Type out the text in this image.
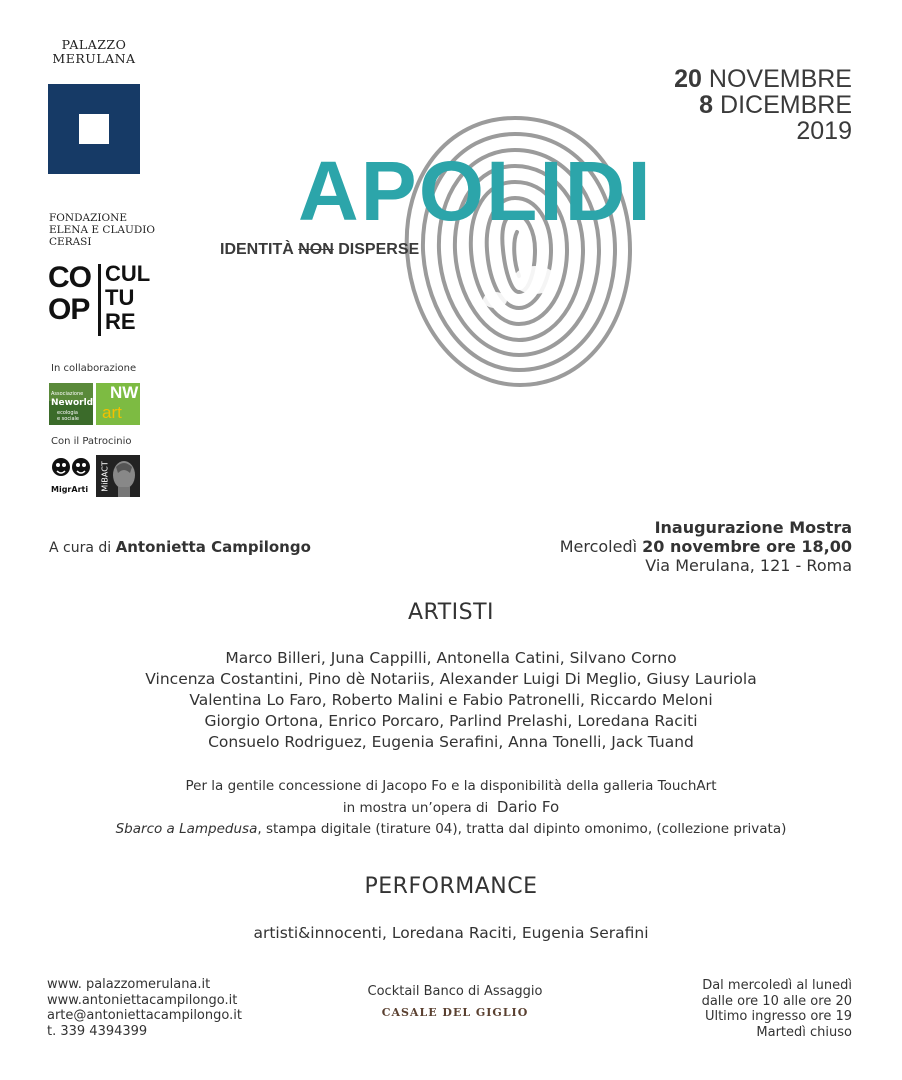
PALAZZO
MERULANA
FONDAZIONE
ELENA E CLAUDIO
CERASI
CO
OP
CUL
TU
RE
In collaborazione
Associazione
Neworld
ecologia
e sociale
NW
art
Con il Patrocinio
MigrArti MiBACT
20 NOVEMBRE
8 DICEMBRE
2019
APOLIDI
IDENTITÀ NON DISPERSE
A cura di Antonietta Campilongo
Inaugurazione Mostra
Mercoledì 20 novembre ore 18,00
Via Merulana, 121 - Roma
ARTISTI
Marco Billeri, Juna Cappilli, Antonella Catini, Silvano Corno
Vincenza Costantini, Pino dè Notariis, Alexander Luigi Di Meglio, Giusy Lauriola
Valentina Lo Faro, Roberto Malini e Fabio Patronelli, Riccardo Meloni
Giorgio Ortona, Enrico Porcaro, Parlind Prelashi, Loredana Raciti
Consuelo Rodriguez, Eugenia Serafini, Anna Tonelli, Jack Tuand
Per la gentile concessione di Jacopo Fo e la disponibilità della galleria TouchArt
in mostra un’opera di Dario Fo
Sbarco a Lampedusa, stampa digitale (tirature 04), tratta dal dipinto omonimo, (collezione privata)
PERFORMANCE
artisti&innocenti, Loredana Raciti, Eugenia Serafini
www. palazzomerulana.it
www.antoniettacampilongo.it
arte@antoniettacampilongo.it
t. 339 4394399
Cocktail Banco di Assaggio
CASALE DEL GIGLIO
Dal mercoledì al lunedì
dalle ore 10 alle ore 20
Ultimo ingresso ore 19
Martedì chiuso
